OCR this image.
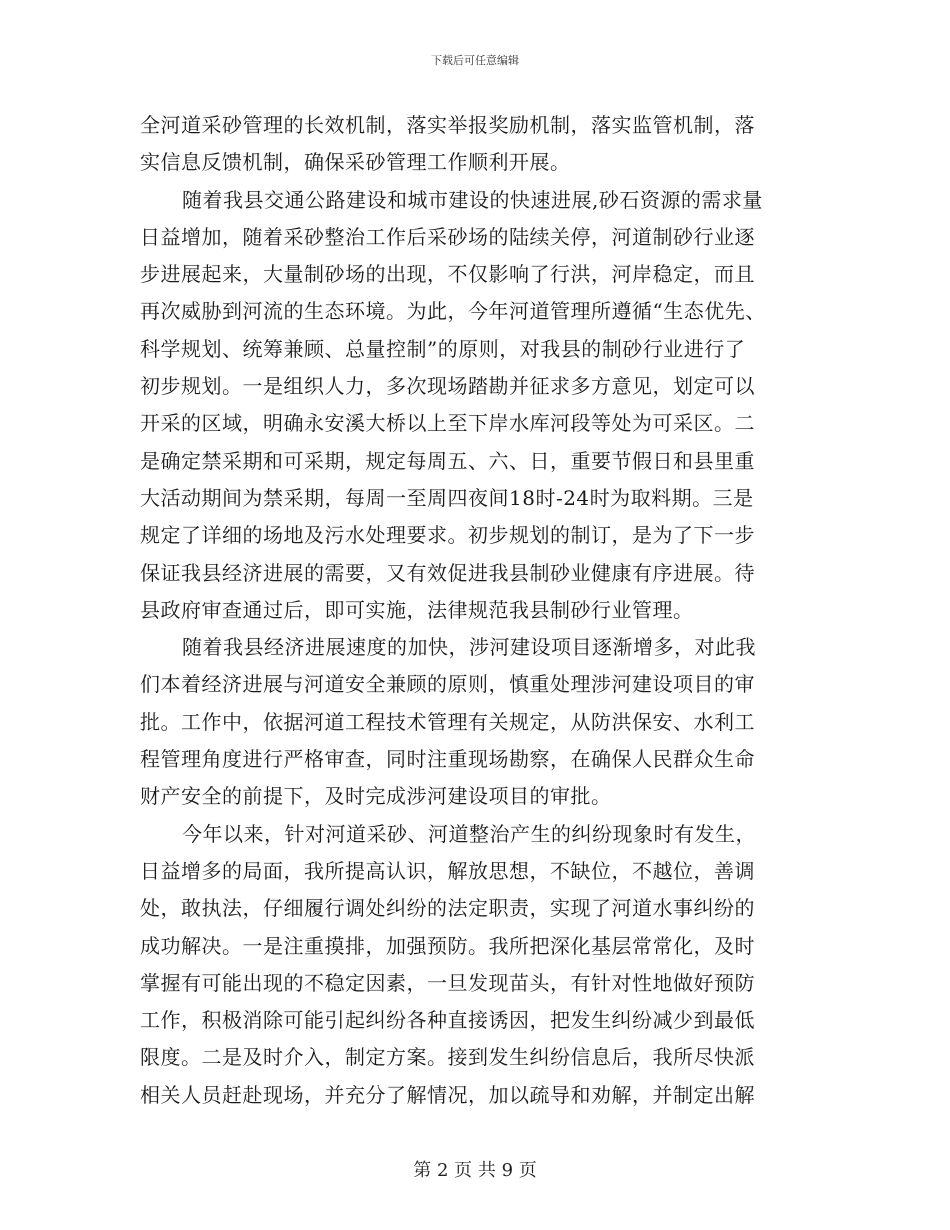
下载后可任意编辑
全河道采砂管理的长效机制，落实举报奖励机制，落实监管机制，落
实信息反馈机制，确保采砂管理工作顺利开展。
随着我县交通公路建设和城市建设的快速进展,砂石资源的需求量
日益增加，随着采砂整治工作后采砂场的陆续关停，河道制砂行业逐
步进展起来，大量制砂场的出现，不仅影响了行洪，河岸稳定，而且
再次威胁到河流的生态环境。为此，今年河道管理所遵循“生态优先、
科学规划、统筹兼顾、总量控制”的原则，对我县的制砂行业进行了
初步规划。一是组织人力，多次现场踏勘并征求多方意见，划定可以
开采的区域，明确永安溪大桥以上至下岸水库河段等处为可采区。二
是确定禁采期和可采期，规定每周五、六、日，重要节假日和县里重
大活动期间为禁采期，每周一至周四夜间18时-24时为取料期。三是
规定了详细的场地及污水处理要求。初步规划的制订，是为了下一步
保证我县经济进展的需要，又有效促进我县制砂业健康有序进展。待
县政府审查通过后，即可实施，法律规范我县制砂行业管理。
随着我县经济进展速度的加快，涉河建设项目逐渐增多，对此我
们本着经济进展与河道安全兼顾的原则，慎重处理涉河建设项目的审
批。工作中，依据河道工程技术管理有关规定，从防洪保安、水利工
程管理角度进行严格审查，同时注重现场勘察，在确保人民群众生命
财产安全的前提下，及时完成涉河建设项目的审批。
今年以来，针对河道采砂、河道整治产生的纠纷现象时有发生，
日益增多的局面，我所提高认识，解放思想，不缺位，不越位，善调
处，敢执法，仔细履行调处纠纷的法定职责，实现了河道水事纠纷的
成功解决。一是注重摸排，加强预防。我所把深化基层常常化，及时
掌握有可能出现的不稳定因素，一旦发现苗头，有针对性地做好预防
工作，积极消除可能引起纠纷各种直接诱因，把发生纠纷减少到最低
限度。二是及时介入，制定方案。接到发生纠纷信息后，我所尽快派
相关人员赶赴现场，并充分了解情况，加以疏导和劝解，并制定出解
第 2 页 共 9 页
